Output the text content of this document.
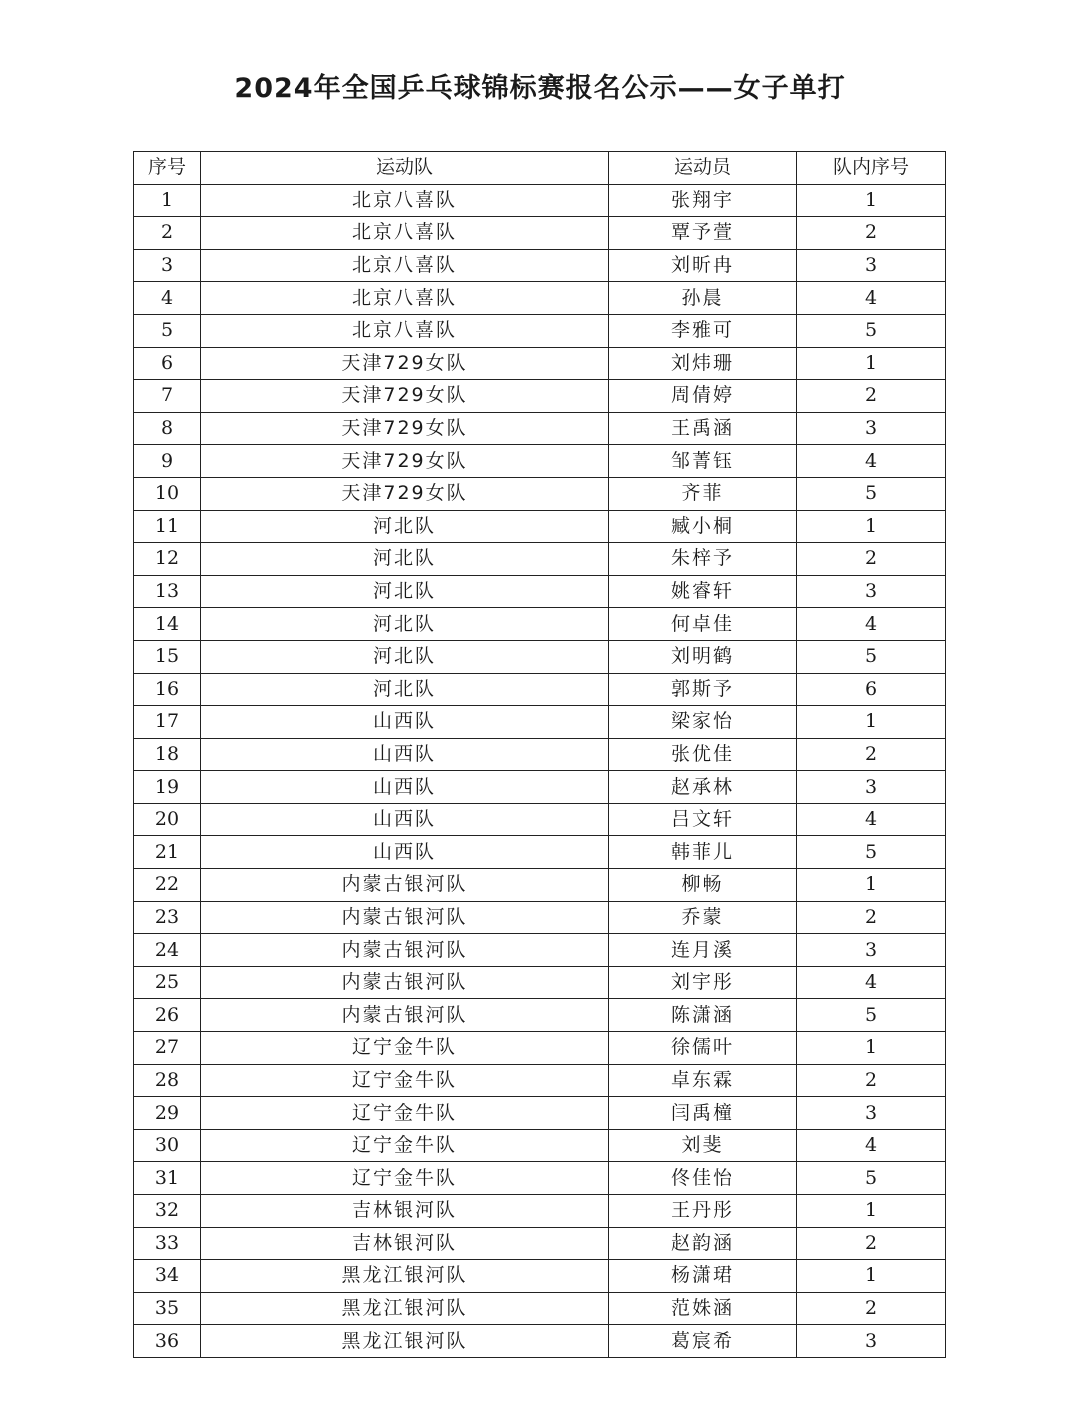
2024年全国乒乓球锦标赛报名公示——女子单打
序号	运动队	运动员	队内序号
1	北京八喜队	张翔宇	1
2	北京八喜队	覃予萱	2
3	北京八喜队	刘昕冉	3
4	北京八喜队	孙晨	4
5	北京八喜队	李雅可	5
6	天津729女队	刘炜珊	1
7	天津729女队	周倩婷	2
8	天津729女队	王禹涵	3
9	天津729女队	邹菁钰	4
10	天津729女队	齐菲	5
11	河北队	臧小桐	1
12	河北队	朱梓予	2
13	河北队	姚睿轩	3
14	河北队	何卓佳	4
15	河北队	刘明鹤	5
16	河北队	郭斯予	6
17	山西队	梁家怡	1
18	山西队	张优佳	2
19	山西队	赵承林	3
20	山西队	吕文轩	4
21	山西队	韩菲儿	5
22	内蒙古银河队	柳畅	1
23	内蒙古银河队	乔蒙	2
24	内蒙古银河队	连月溪	3
25	内蒙古银河队	刘宇彤	4
26	内蒙古银河队	陈潇涵	5
27	辽宁金牛队	徐儒叶	1
28	辽宁金牛队	卓东霖	2
29	辽宁金牛队	闫禹橦	3
30	辽宁金牛队	刘斐	4
31	辽宁金牛队	佟佳怡	5
32	吉林银河队	王丹彤	1
33	吉林银河队	赵韵涵	2
34	黑龙江银河队	杨潇珺	1
35	黑龙江银河队	范姝涵	2
36	黑龙江银河队	葛宸希	3
